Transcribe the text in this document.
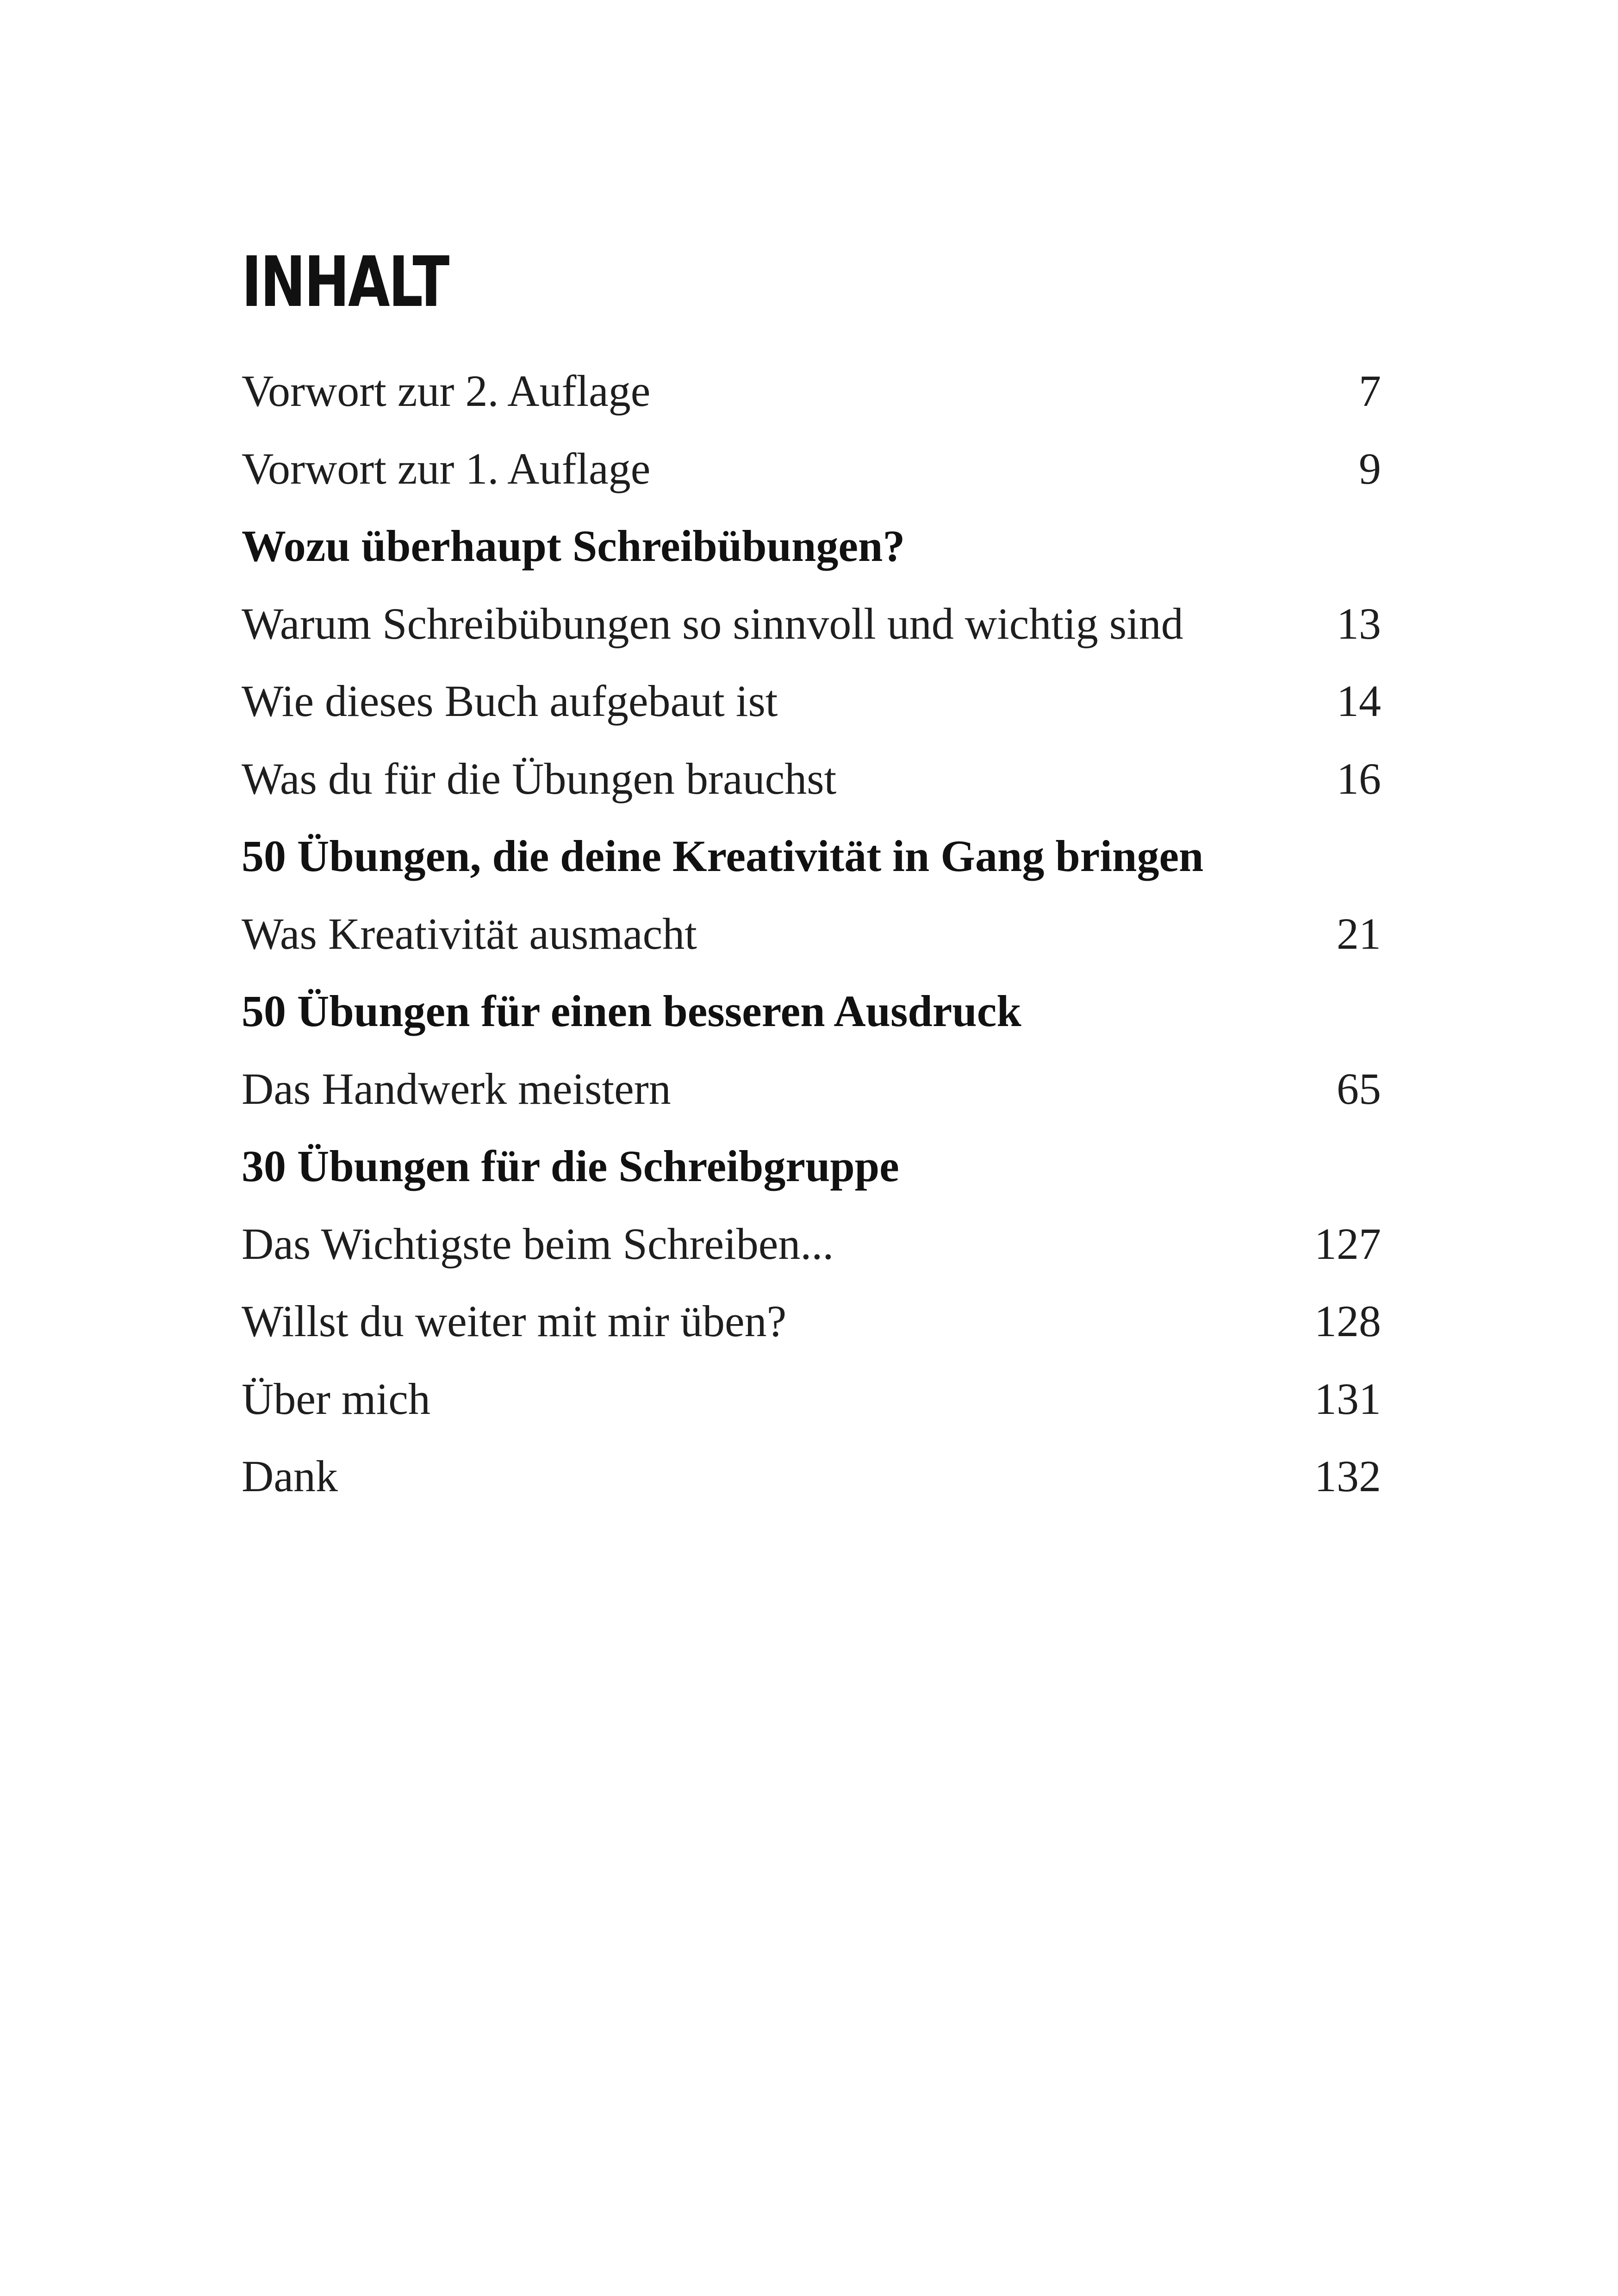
INHALT
Vorwort zur 2. Auflage	7
Vorwort zur 1. Auflage	9
Wozu überhaupt Schreibübungen?
Warum Schreibübungen so sinnvoll und wichtig sind	13
Wie dieses Buch aufgebaut ist	14
Was du für die Übungen brauchst	16
50 Übungen, die deine Kreativität in Gang bringen
Was Kreativität ausmacht	21
50 Übungen für einen besseren Ausdruck
Das Handwerk meistern	65
30 Übungen für die Schreibgruppe
Das Wichtigste beim Schreiben...	127
Willst du weiter mit mir üben?	128
Über mich	131
Dank	132
